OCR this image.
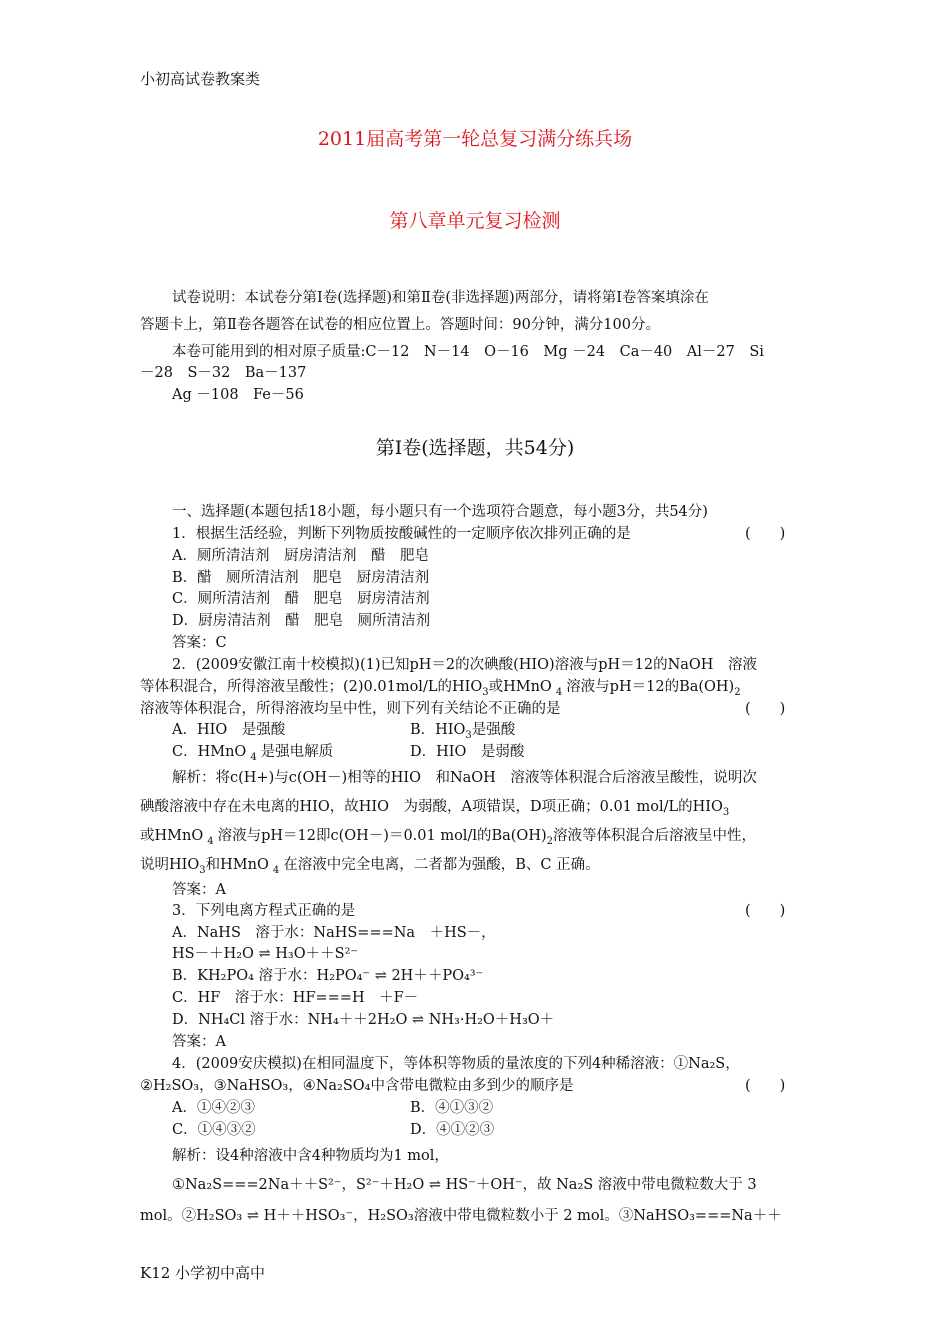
小初高试卷教案类
2011届高考第一轮总复习满分练兵场
第八章单元复习检测
试卷说明：本试卷分第Ⅰ卷(选择题)和第Ⅱ卷(非选择题)两部分，请将第Ⅰ卷答案填涂在
答题卡上，第Ⅱ卷各题答在试卷的相应位置上。答题时间：90分钟，满分100分。
本卷可能用到的相对原子质量:C－12　N－14　O－16　Mg －24　Ca－40　Al－27　Si
－28　S－32　Ba－137
Ag －108　Fe－56
第Ⅰ卷(选择题，共54分)
一、选择题(本题包括18小题，每小题只有一个选项符合题意，每小题3分，共54分)
1．根据生活经验，判断下列物质按酸碱性的一定顺序依次排列正确的是	(　　)
A．厕所清洁剂　厨房清洁剂　醋　肥皂
B．醋　厕所清洁剂　肥皂　厨房清洁剂
C．厕所清洁剂　醋　肥皂　厨房清洁剂
D．厨房清洁剂　醋　肥皂　厕所清洁剂
答案：C
2．(2009安徽江南十校模拟)(1)已知pH＝2的次碘酸(HIO)溶液与pH＝12的NaOH　溶液
等体积混合，所得溶液呈酸性；(2)0.01mol/L的$HIO_3$或HMnO $_4$ 溶液与pH＝12的$Ba(OH)_2$
溶液等体积混合，所得溶液均呈中性，则下列有关结论不正确的是	(　　)
A．HIO　是强酸	B．$HIO_3$是强酸
C．HMnO $_4$ 是强电解质	D．HIO　是弱酸
解析：将c(H+)与c(OH－)相等的HIO　和NaOH　溶液等体积混合后溶液呈酸性，说明次
碘酸溶液中存在未电离的HIO，故HIO　为弱酸，A项错误，D项正确；0.01 mol/L的$HIO_3$
或HMnO $_4$ 溶液与pH＝12即c(OH－)＝0.01 mol/l的$Ba(OH)_2$溶液等体积混合后溶液呈中性，
说明$HIO_3$和HMnO $_4$ 在溶液中完全电离，二者都为强酸，B、C 正确。
答案：A
3．下列电离方程式正确的是	(　　)
A．NaHS　溶于水：NaHS===Na　＋HS－，
HS－＋H₂O ⇌ H₃O＋＋S²⁻
B．KH₂PO₄ 溶于水：H₂PO₄⁻ ⇌ 2H＋＋PO₄³⁻
C．HF　溶于水：HF===H　＋F－
D．NH₄Cl 溶于水：NH₄＋＋2H₂O ⇌ NH₃·H₂O＋H₃O＋
答案：A
4．(2009安庆模拟)在相同温度下，等体积等物质的量浓度的下列4种稀溶液：①Na₂S，
②H₂SO₃，③NaHSO₃，④Na₂SO₄中含带电微粒由多到少的顺序是	(　　)
A．①④②③	B．④①③②
C．①④③②	D．④①②③
解析：设4种溶液中含4种物质均为1 mol，
①Na₂S===2Na＋＋S²⁻，S²⁻＋H₂O ⇌ HS⁻＋OH⁻，故 Na₂S 溶液中带电微粒数大于 3
mol。②H₂SO₃ ⇌ H＋＋HSO₃⁻，H₂SO₃溶液中带电微粒数小于 2 mol。③NaHSO₃===Na＋＋
K12 小学初中高中
